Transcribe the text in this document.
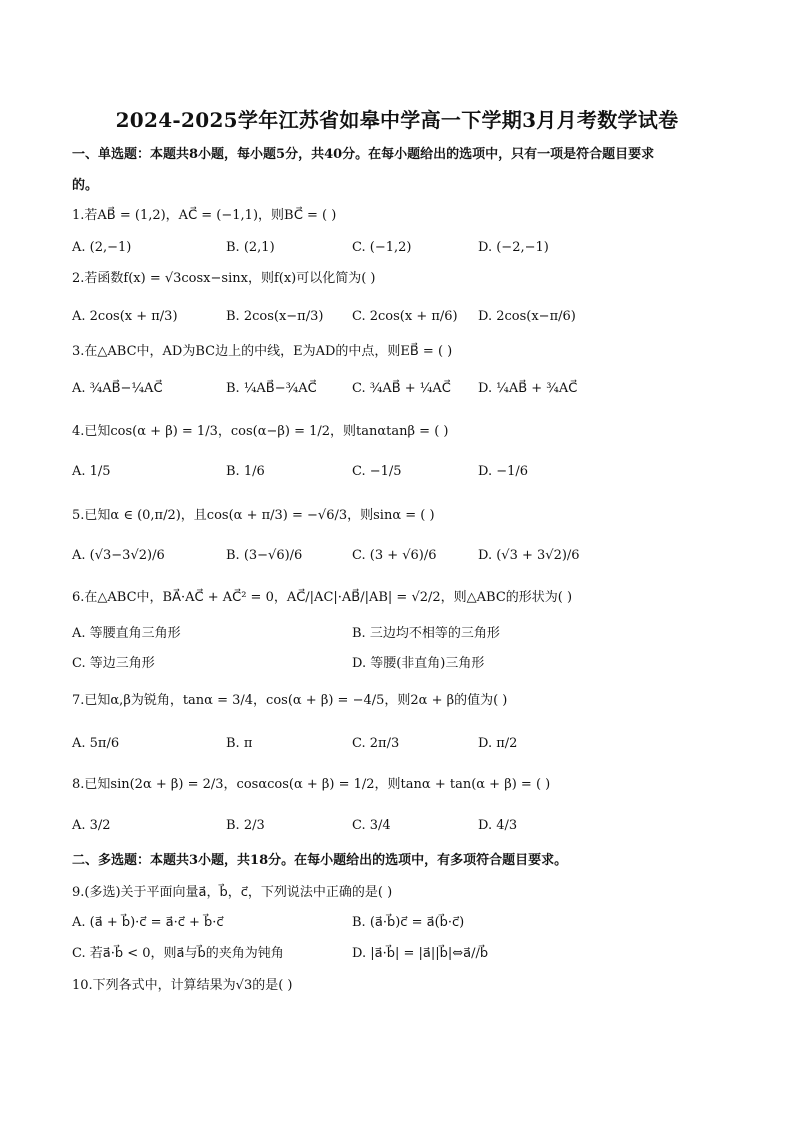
2024-2025学年江苏省如皋中学高一下学期3月月考数学试卷
一、单选题：本题共8小题，每小题5分，共40分。在每小题给出的选项中，只有一项是符合题目要求
的。
1.若AB⃗ = (1,2)，AC⃗ = (−1,1)，则BC⃗ = ( )
A. (2,−1)	B. (2,1)	C. (−1,2)	D. (−2,−1)
2.若函数f(x) = √3cosx−sinx，则f(x)可以化简为( )
A. 2cos(x + π/3)	B. 2cos(x−π/3) C. 2cos(x + π/6) D. 2cos(x−π/6)
3.在△ABC中，AD为BC边上的中线，E为AD的中点，则EB⃗ = ( )
A. ¾AB⃗−¼AC⃗	B. ¼AB⃗−¾AC⃗	C. ¾AB⃗ + ¼AC⃗ D. ¼AB⃗ + ¾AC⃗
4.已知cos(α + β) = 1/3，cos(α−β) = 1/2，则tanαtanβ = ( )
A. 1/5	B. 1/6	C. −1/5	D. −1/6
5.已知α ∈ (0,π/2)，且cos(α + π/3) = −√6/3，则sinα = ( )
A. (√3−3√2)/6	B. (3−√6)/6	C. (3 + √6)/6	D. (√3 + 3√2)/6
6.在△ABC中，BA⃗·AC⃗ + AC⃗² = 0，AC⃗/|AC|·AB⃗/|AB| = √2/2，则△ABC的形状为( )
A. 等腰直角三角形	B. 三边均不相等的三角形
C. 等边三角形	D. 等腰(非直角)三角形
7.已知α,β为锐角，tanα = 3/4，cos(α + β) = −4/5，则2α + β的值为( )
A. 5π/6	B. π	C. 2π/3	D. π/2
8.已知sin(2α + β) = 2/3，cosαcos(α + β) = 1/2，则tanα + tan(α + β) = ( )
A. 3/2	B. 2/3	C. 3/4	D. 4/3
二、多选题：本题共3小题，共18分。在每小题给出的选项中，有多项符合题目要求。
9.(多选)关于平面向量a⃗，b⃗，c⃗，下列说法中正确的是( )
A. (a⃗ + b⃗)·c⃗ = a⃗·c⃗ + b⃗·c⃗	B. (a⃗·b⃗)c⃗ = a⃗(b⃗·c⃗)
C. 若a⃗·b⃗ < 0，则a⃗与b⃗的夹角为钝角	D. |a⃗·b⃗| = |a⃗||b⃗|⇔a⃗//b⃗
10.下列各式中，计算结果为√3的是( )
